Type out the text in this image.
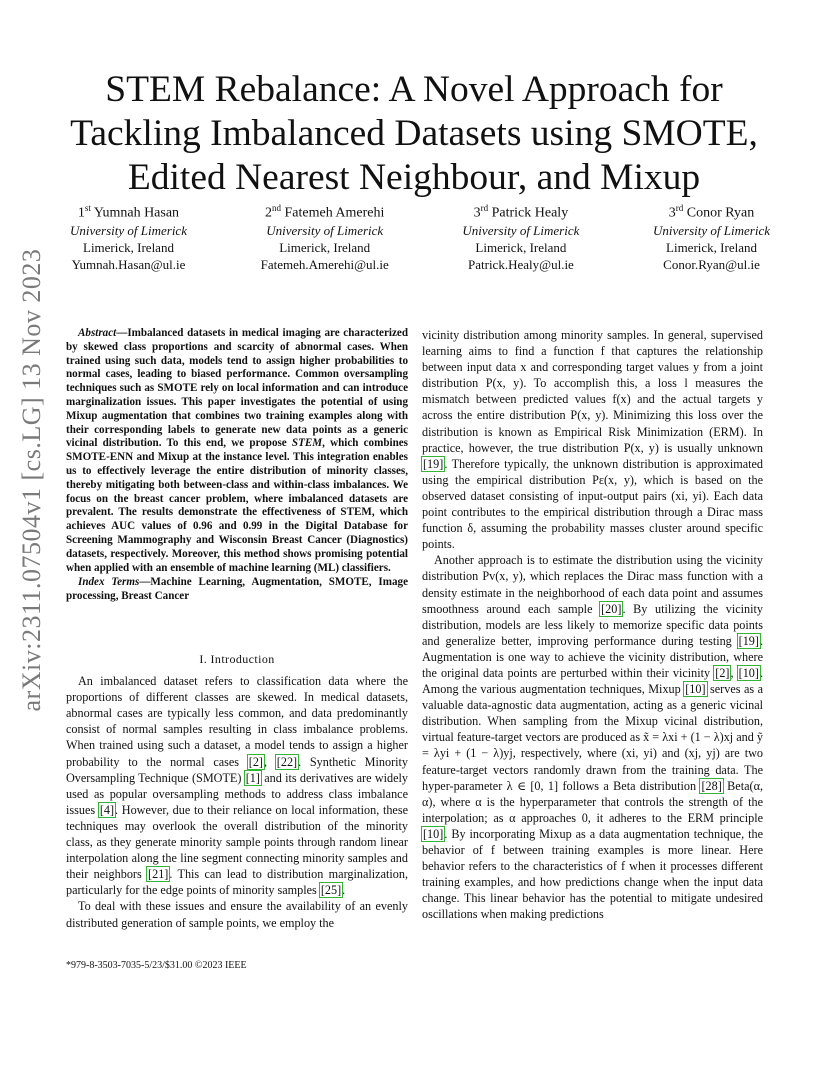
arXiv:2311.07504v1 [cs.LG] 13 Nov 2023
STEM Rebalance: A Novel Approach for Tackling Imbalanced Datasets using SMOTE, Edited Nearest Neighbour, and Mixup
1st Yumnah Hasan
University of Limerick
Limerick, Ireland
Yumnah.Hasan@ul.ie
2nd Fatemeh Amerehi
University of Limerick
Limerick, Ireland
Fatemeh.Amerehi@ul.ie
3rd Patrick Healy
University of Limerick
Limerick, Ireland
Patrick.Healy@ul.ie
3rd Conor Ryan
University of Limerick
Limerick, Ireland
Conor.Ryan@ul.ie

Abstract—Imbalanced datasets in medical imaging are characterized by skewed class proportions and scarcity of abnormal cases. When trained using such data, models tend to assign higher probabilities to normal cases, leading to biased performance. Common oversampling techniques such as SMOTE rely on local information and can introduce marginalization issues. This paper investigates the potential of using Mixup augmentation that combines two training examples along with their corresponding labels to generate new data points as a generic vicinal distribution. To this end, we propose STEM, which combines SMOTE-ENN and Mixup at the instance level. This integration enables us to effectively leverage the entire distribution of minority classes, thereby mitigating both between-class and within-class imbalances. We focus on the breast cancer problem, where imbalanced datasets are prevalent. The results demonstrate the effectiveness of STEM, which achieves AUC values of 0.96 and 0.99 in the Digital Database for Screening Mammography and Wisconsin Breast Cancer (Diagnostics) datasets, respectively. Moreover, this method shows promising potential when applied with an ensemble of machine learning (ML) classifiers.

Index Terms—Machine Learning, Augmentation, SMOTE, Image processing, Breast Cancer

I. Introduction

An imbalanced dataset refers to classification data where the proportions of different classes are skewed. In medical datasets, abnormal cases are typically less common, and data predominantly consist of normal samples resulting in class imbalance problems. When trained using such a dataset, a model tends to assign a higher probability to the normal cases [2], [22]. Synthetic Minority Oversampling Technique (SMOTE) [1] and its derivatives are widely used as popular oversampling methods to address class imbalance issues [4]. However, due to their reliance on local information, these techniques may overlook the overall distribution of the minority class, as they generate minority sample points through random linear interpolation along the line segment connecting minority samples and their neighbors [21]. This can lead to distribution marginalization, particularly for the edge points of minority samples [25].

To deal with these issues and ensure the availability of an evenly distributed generation of sample points, we employ the

*979-8-3503-7035-5/23/$31.00 ©2023 IEEE

vicinity distribution among minority samples. In general, supervised learning aims to find a function f that captures the relationship between input data x and corresponding target values y from a joint distribution P(x, y). To accomplish this, a loss l measures the mismatch between predicted values f(x) and the actual targets y across the entire distribution P(x, y). Minimizing this loss over the distribution is known as Empirical Risk Minimization (ERM). In practice, however, the true distribution P(x, y) is usually unknown [19]. Therefore typically, the unknown distribution is approximated using the empirical distribution Pε(x, y), which is based on the observed dataset consisting of input-output pairs (xi, yi). Each data point contributes to the empirical distribution through a Dirac mass function δ, assuming the probability masses cluster around specific points.

Another approach is to estimate the distribution using the vicinity distribution Pv(x, y), which replaces the Dirac mass function with a density estimate in the neighborhood of each data point and assumes smoothness around each sample [20]. By utilizing the vicinity distribution, models are less likely to memorize specific data points and generalize better, improving performance during testing [19]. Augmentation is one way to achieve the vicinity distribution, where the original data points are perturbed within their vicinity [2], [10]. Among the various augmentation techniques, Mixup [10] serves as a valuable data-agnostic data augmentation, acting as a generic vicinal distribution. When sampling from the Mixup vicinal distribution, virtual feature-target vectors are produced as x̃ = λxi + (1 − λ)xj and ỹ = λyi + (1 − λ)yj, respectively, where (xi, yi) and (xj, yj) are two feature-target vectors randomly drawn from the training data. The hyper-parameter λ ∈ [0, 1] follows a Beta distribution [28] Beta(α, α), where α is the hyperparameter that controls the strength of the interpolation; as α approaches 0, it adheres to the ERM principle [10]. By incorporating Mixup as a data augmentation technique, the behavior of f between training examples is more linear. Here behavior refers to the characteristics of f when it processes different training examples, and how predictions change when the input data change. This linear behavior has the potential to mitigate undesired oscillations when making predictions
